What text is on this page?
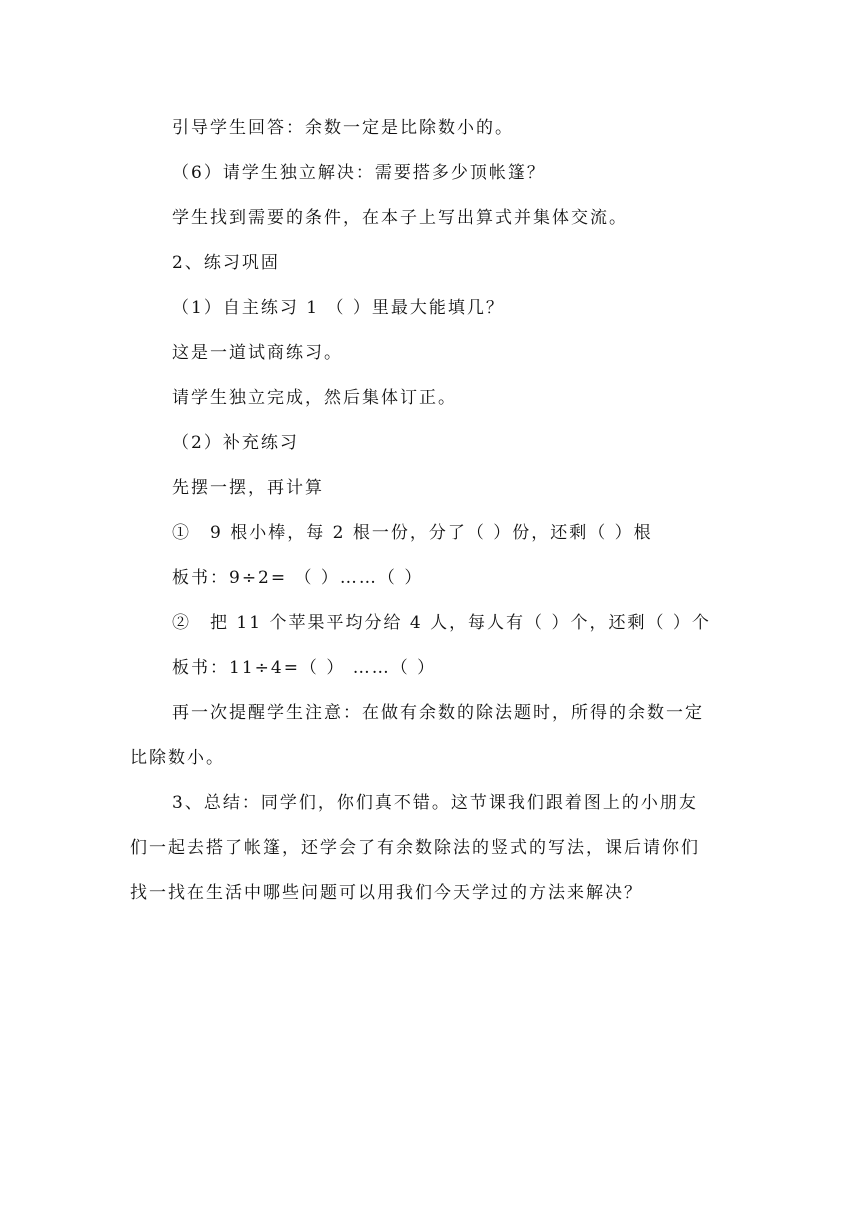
引导学生回答：余数一定是比除数小的。
（6）请学生独立解决：需要搭多少顶帐篷？
学生找到需要的条件，在本子上写出算式并集体交流。
2、练习巩固
（1）自主练习 1 （ ）里最大能填几？
这是一道试商练习。
请学生独立完成，然后集体订正。
（2）补充练习
先摆一摆，再计算
①　9 根小棒，每 2 根一份，分了（ ）份，还剩（ ）根
板书：9÷2= （ ）……（ ）
②　把 11 个苹果平均分给 4 人，每人有（ ）个，还剩（ ）个
板书：11÷4=（ ） ……（ ）
再一次提醒学生注意：在做有余数的除法题时，所得的余数一定
比除数小。
3、总结：同学们，你们真不错。这节课我们跟着图上的小朋友
们一起去搭了帐篷，还学会了有余数除法的竖式的写法，课后请你们
找一找在生活中哪些问题可以用我们今天学过的方法来解决？
